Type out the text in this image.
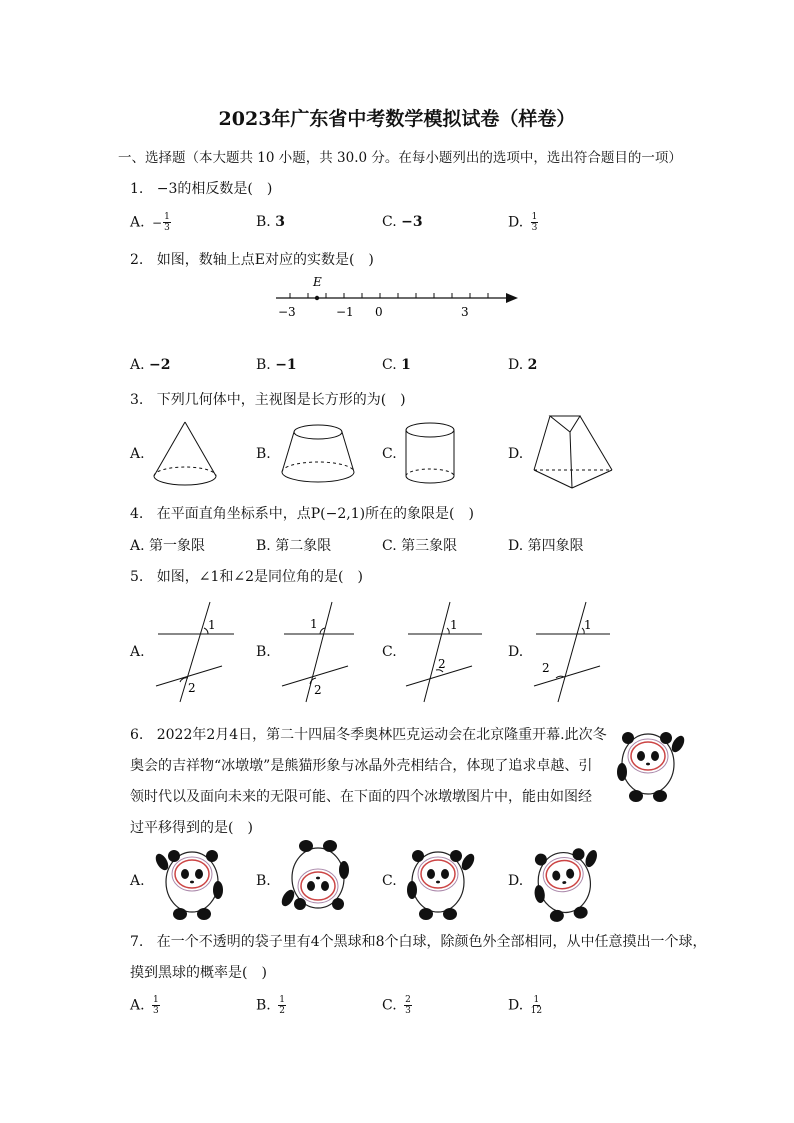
2023年广东省中考数学模拟试卷（样卷）
一、选择题（本大题共 10 小题，共 30.0 分。在每小题列出的选项中，选出符合题目的一项）
1. −3的相反数是(　)
A. − $\frac{1}{3}$	B. 3	C. −3	D. $\frac{1}{3}$
2. 如图，数轴上点E对应的实数是(　)
E
−3	−1 0	3
A. −2	B. −1	C. 1	D. 2
3. 下列几何体中，主视图是长方形的为(　)
A.	B.	C.	D.
4. 在平面直角坐标系中，点P(−2,1)所在的象限是(　)
A. 第一象限	B. 第二象限	C. 第三象限	D. 第四象限
5. 如图，∠1和∠2是同位角的是(　)
A.
1
2
B.
1
2
C.
1
2
D.
1
2
6. 2022年2月4日，第二十四届冬季奥林匹克运动会在北京隆重开幕.此次冬
奥会的吉祥物“冰墩墩”是熊猫形象与冰晶外壳相结合，体现了追求卓越、引
领时代以及面向未来的无限可能、在下面的四个冰墩墩图片中，能由如图经
过平移得到的是(　)
A.	B.	C.	D.
7. 在一个不透明的袋子里有4个黑球和8个白球，除颜色外全部相同，从中任意摸出一个球，
摸到黑球的概率是(　)
A. $\frac{1}{3}$	B. $\frac{1}{2}$	C. $\frac{2}{3}$	D. $\frac{1}{12}$
